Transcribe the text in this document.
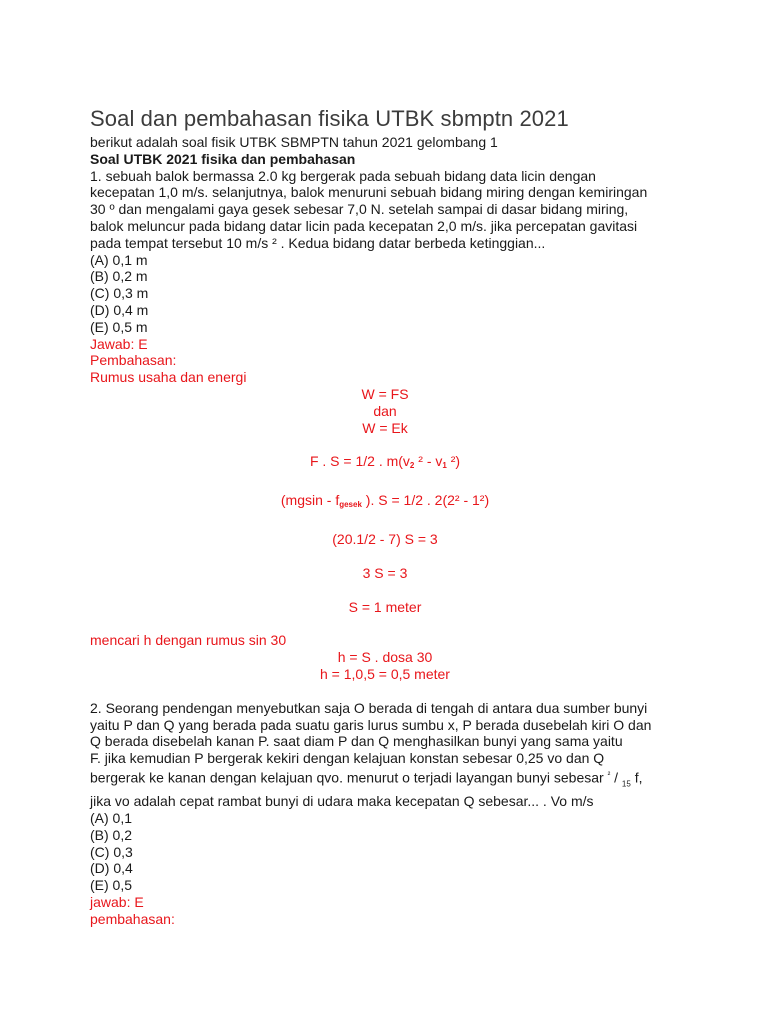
Soal dan pembahasan fisika UTBK sbmptn 2021
berikut adalah soal fisik UTBK SBMPTN tahun 2021 gelombang 1
Soal UTBK 2021 fisika dan pembahasan
1. sebuah balok bermassa 2.0 kg bergerak pada sebuah bidang data licin dengan
kecepatan 1,0 m/s. selanjutnya, balok menuruni sebuah bidang miring dengan kemiringan
30 º dan mengalami gaya gesek sebesar 7,0 N. setelah sampai di dasar bidang miring,
balok meluncur pada bidang datar licin pada kecepatan 2,0 m/s. jika percepatan gavitasi
pada tempat tersebut 10 m/s ² . Kedua bidang datar berbeda ketinggian...
(A) 0,1 m
(B) 0,2 m
(C) 0,3 m
(D) 0,4 m
(E) 0,5 m
Jawab: E
Pembahasan:
Rumus usaha dan energi
W = FS
dan
W = Ek
F . S = 1/2 . $m(v_2$ $^2 - v_1$ ²)
($mgsin - f_{gesek}$ ). S = 1/2 . 2(2² - 1²)
(20.1/2 - 7) S = 3
3 S = 3
S = 1 meter
mencari h dengan rumus sin 30
h = S . dosa 30
h = 1,0,5 = 0,5 meter
2. Seorang pendengan menyebutkan saja O berada di tengah di antara dua sumber bunyi
yaitu P dan Q yang berada pada suatu garis lurus sumbu x, P berada dusebelah kiri O dan
Q berada disebelah kanan P. saat diam P dan Q menghasilkan bunyi yang sama yaitu
F. jika kemudian P bergerak kekiri dengan kelajuan konstan sebesar 0,25 vo dan Q
bergerak ke kanan dengan kelajuan qvo. menurut o terjadi layangan bunyi sebesar $^{^2}$ / $_{15}$ f,
jika vo adalah cepat rambat bunyi di udara maka kecepatan Q sebesar... . Vo m/s
(A) 0,1
(B) 0,2
(C) 0,3
(D) 0,4
(E) 0,5
jawab: E
pembahasan:
